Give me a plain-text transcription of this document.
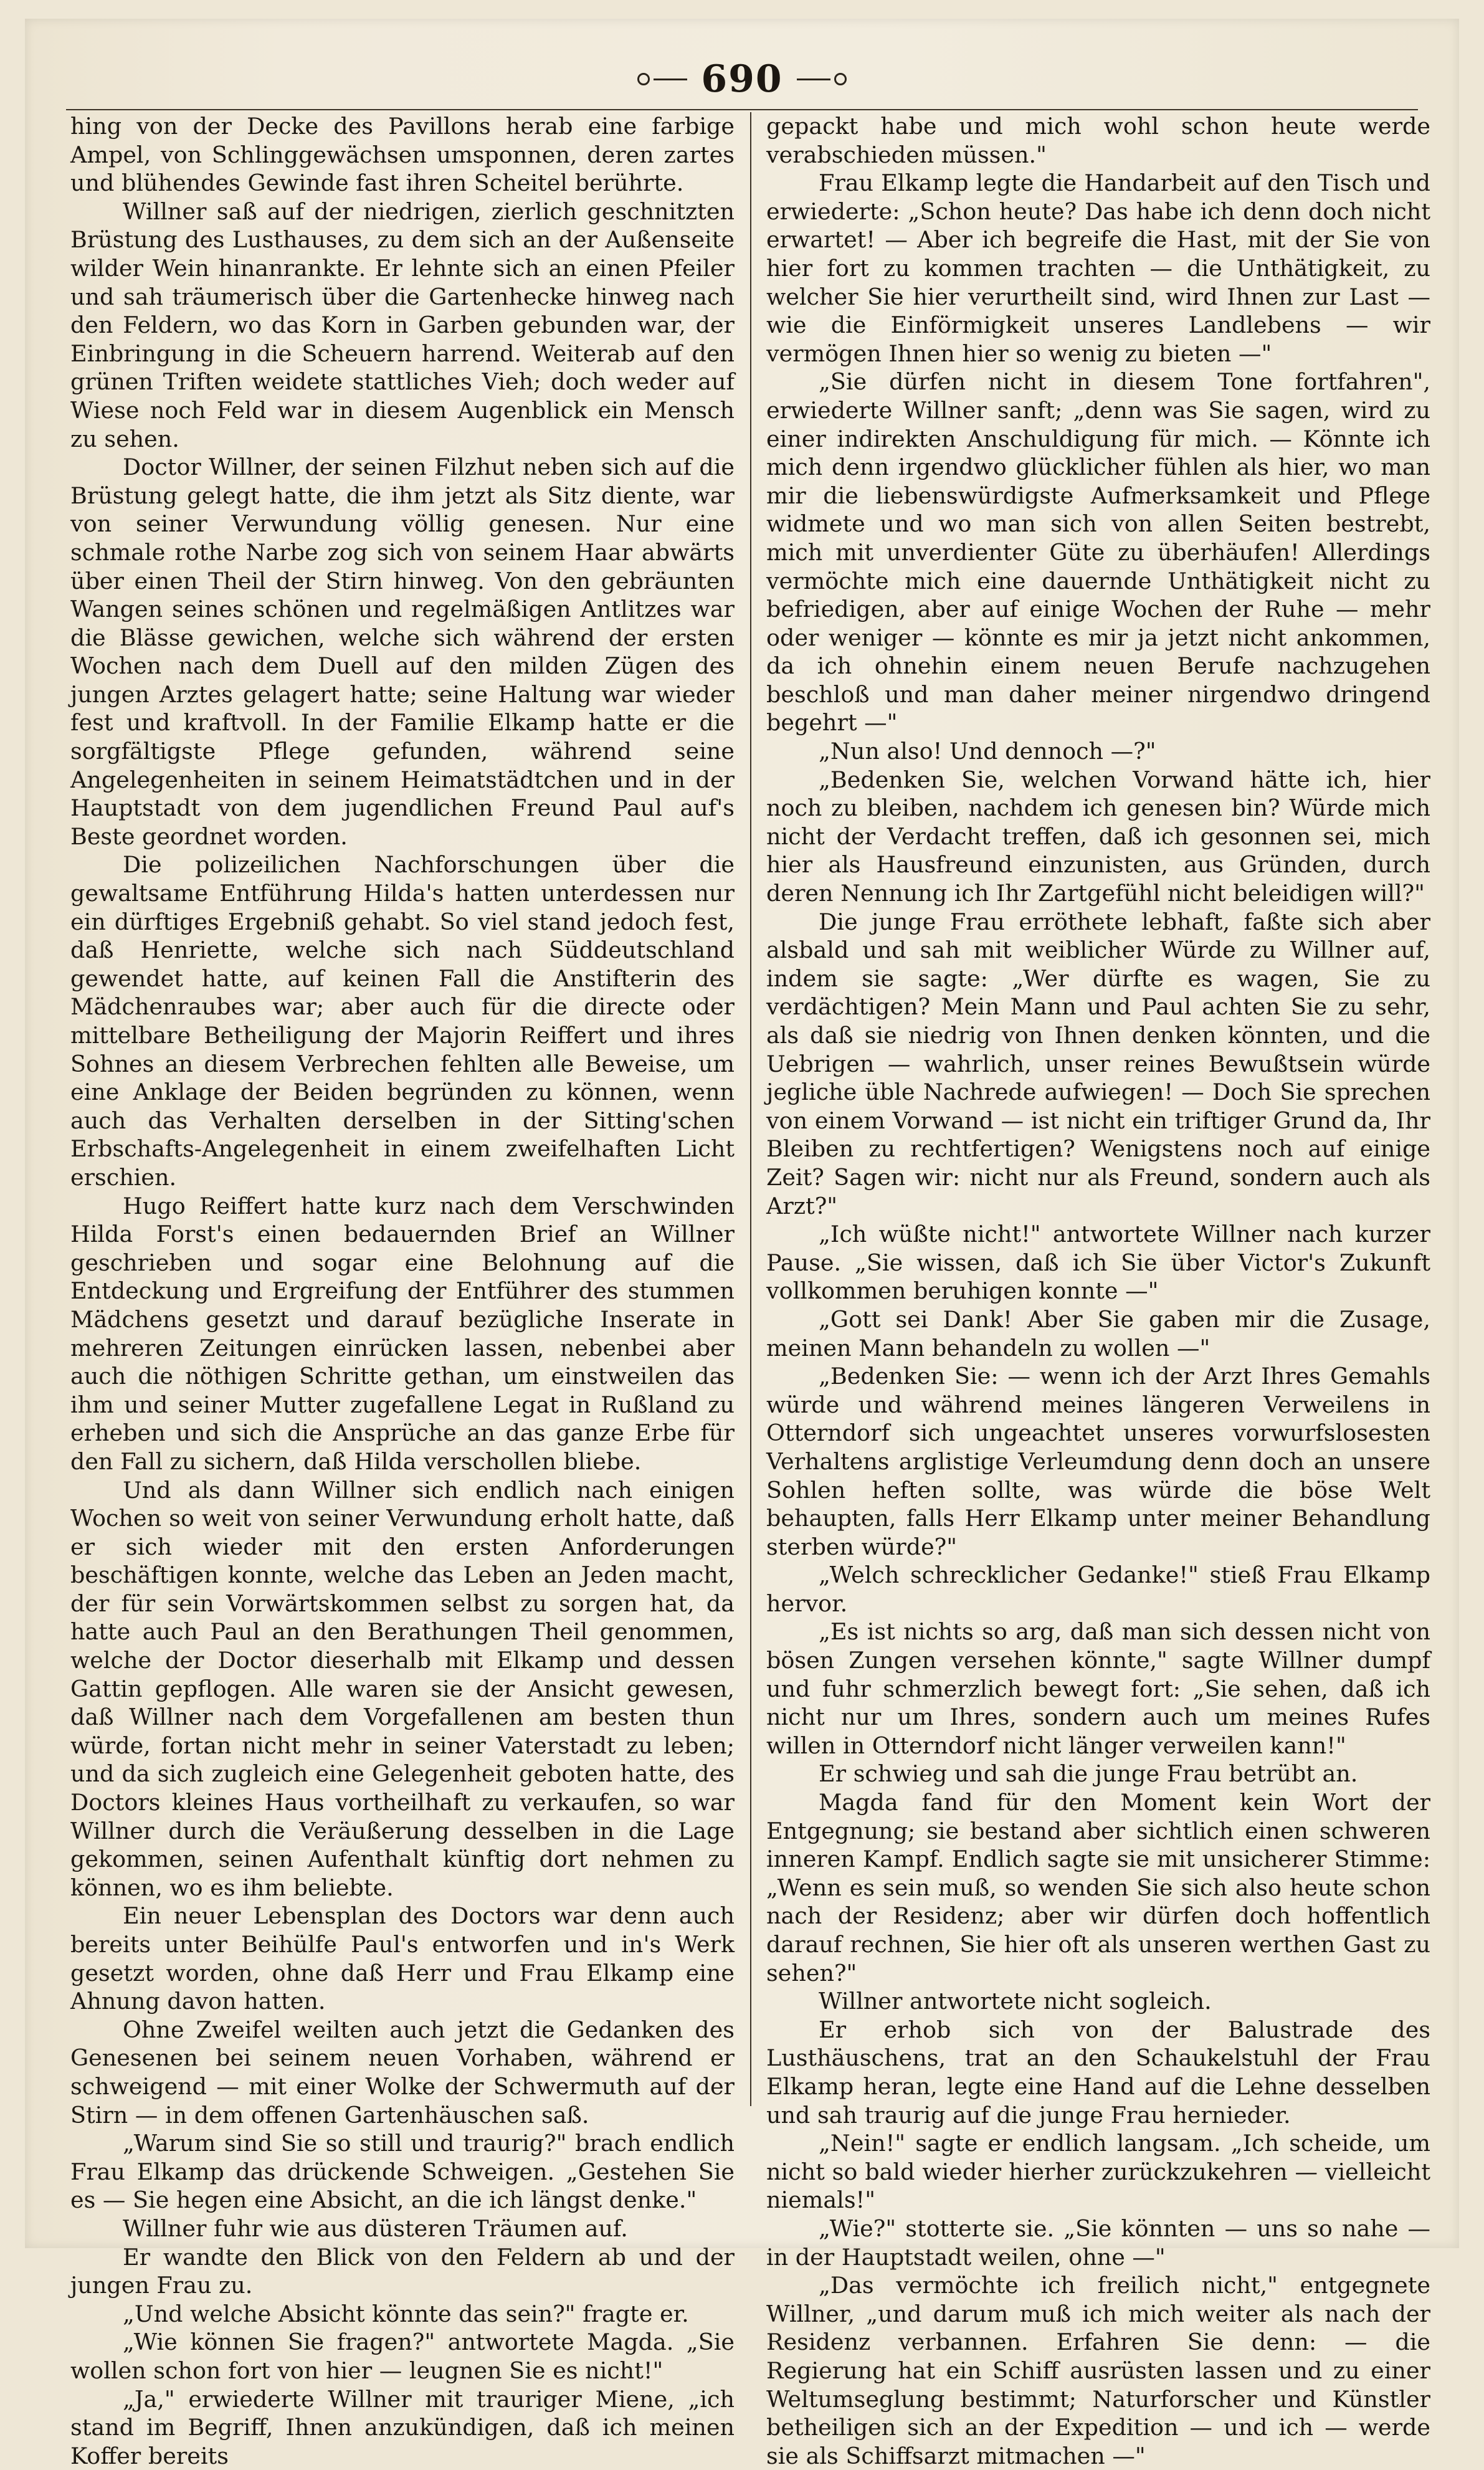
690

hing von der Decke des Pavillons herab eine farbige Ampel, von Schlinggewächsen umsponnen, deren zartes und blühendes Gewinde fast ihren Scheitel berührte.

Willner saß auf der niedrigen, zierlich geschnitzten Brüstung des Lusthauses, zu dem sich an der Außenseite wilder Wein hinanrankte. Er lehnte sich an einen Pfeiler und sah träumerisch über die Gartenhecke hinweg nach den Feldern, wo das Korn in Garben gebunden war, der Einbringung in die Scheuern harrend. Weiterab auf den grünen Triften weidete stattliches Vieh; doch weder auf Wiese noch Feld war in diesem Augenblick ein Mensch zu sehen.

Doctor Willner, der seinen Filzhut neben sich auf die Brüstung gelegt hatte, die ihm jetzt als Sitz diente, war von seiner Verwundung völlig genesen. Nur eine schmale rothe Narbe zog sich von seinem Haar abwärts über einen Theil der Stirn hinweg. Von den gebräunten Wangen seines schönen und regelmäßigen Antlitzes war die Blässe gewichen, welche sich während der ersten Wochen nach dem Duell auf den milden Zügen des jungen Arztes gelagert hatte; seine Haltung war wieder fest und kraftvoll. In der Familie Elkamp hatte er die sorgfältigste Pflege gefunden, während seine Angelegenheiten in seinem Heimatstädtchen und in der Hauptstadt von dem jugendlichen Freund Paul auf's Beste geordnet worden.

Die polizeilichen Nachforschungen über die gewaltsame Entführung Hilda's hatten unterdessen nur ein dürftiges Ergebniß gehabt. So viel stand jedoch fest, daß Henriette, welche sich nach Süddeutschland gewendet hatte, auf keinen Fall die Anstifterin des Mädchenraubes war; aber auch für die directe oder mittelbare Betheiligung der Majorin Reiffert und ihres Sohnes an diesem Verbrechen fehlten alle Beweise, um eine Anklage der Beiden begründen zu können, wenn auch das Verhalten derselben in der Sitting'schen Erbschafts-Angelegenheit in einem zweifelhaften Licht erschien.

Hugo Reiffert hatte kurz nach dem Verschwinden Hilda Forst's einen bedauernden Brief an Willner geschrieben und sogar eine Belohnung auf die Entdeckung und Ergreifung der Entführer des stummen Mädchens gesetzt und darauf bezügliche Inserate in mehreren Zeitungen einrücken lassen, nebenbei aber auch die nöthigen Schritte gethan, um einstweilen das ihm und seiner Mutter zugefallene Legat in Rußland zu erheben und sich die Ansprüche an das ganze Erbe für den Fall zu sichern, daß Hilda verschollen bliebe.

Und als dann Willner sich endlich nach einigen Wochen so weit von seiner Verwundung erholt hatte, daß er sich wieder mit den ersten Anforderungen beschäftigen konnte, welche das Leben an Jeden macht, der für sein Vorwärtskommen selbst zu sorgen hat, da hatte auch Paul an den Berathungen Theil genommen, welche der Doctor dieserhalb mit Elkamp und dessen Gattin gepflogen. Alle waren sie der Ansicht gewesen, daß Willner nach dem Vorgefallenen am besten thun würde, fortan nicht mehr in seiner Vaterstadt zu leben; und da sich zugleich eine Gelegenheit geboten hatte, des Doctors kleines Haus vortheilhaft zu verkaufen, so war Willner durch die Veräußerung desselben in die Lage gekommen, seinen Aufenthalt künftig dort nehmen zu können, wo es ihm beliebte.

Ein neuer Lebensplan des Doctors war denn auch bereits unter Beihülfe Paul's entworfen und in's Werk gesetzt worden, ohne daß Herr und Frau Elkamp eine Ahnung davon hatten.

Ohne Zweifel weilten auch jetzt die Gedanken des Genesenen bei seinem neuen Vorhaben, während er schweigend — mit einer Wolke der Schwermuth auf der Stirn — in dem offenen Gartenhäuschen saß.

„Warum sind Sie so still und traurig?" brach endlich Frau Elkamp das drückende Schweigen. „Gestehen Sie es — Sie hegen eine Absicht, an die ich längst denke."

Willner fuhr wie aus düsteren Träumen auf.

Er wandte den Blick von den Feldern ab und der jungen Frau zu.

„Und welche Absicht könnte das sein?" fragte er.

„Wie können Sie fragen?" antwortete Magda. „Sie wollen schon fort von hier — leugnen Sie es nicht!"

„Ja," erwiederte Willner mit trauriger Miene, „ich stand im Begriff, Ihnen anzukündigen, daß ich meinen Koffer bereits

gepackt habe und mich wohl schon heute werde verabschieden müssen."

Frau Elkamp legte die Handarbeit auf den Tisch und erwiederte: „Schon heute? Das habe ich denn doch nicht erwartet! — Aber ich begreife die Hast, mit der Sie von hier fort zu kommen trachten — die Unthätigkeit, zu welcher Sie hier verurtheilt sind, wird Ihnen zur Last — wie die Einförmigkeit unseres Landlebens — wir vermögen Ihnen hier so wenig zu bieten —"

„Sie dürfen nicht in diesem Tone fortfahren", erwiederte Willner sanft; „denn was Sie sagen, wird zu einer indirekten Anschuldigung für mich. — Könnte ich mich denn irgendwo glücklicher fühlen als hier, wo man mir die liebenswürdigste Aufmerksamkeit und Pflege widmete und wo man sich von allen Seiten bestrebt, mich mit unverdienter Güte zu überhäufen! Allerdings vermöchte mich eine dauernde Unthätigkeit nicht zu befriedigen, aber auf einige Wochen der Ruhe — mehr oder weniger — könnte es mir ja jetzt nicht ankommen, da ich ohnehin einem neuen Berufe nachzugehen beschloß und man daher meiner nirgendwo dringend begehrt —"

„Nun also! Und dennoch —?"

„Bedenken Sie, welchen Vorwand hätte ich, hier noch zu bleiben, nachdem ich genesen bin? Würde mich nicht der Verdacht treffen, daß ich gesonnen sei, mich hier als Hausfreund einzunisten, aus Gründen, durch deren Nennung ich Ihr Zartgefühl nicht beleidigen will?"

Die junge Frau erröthete lebhaft, faßte sich aber alsbald und sah mit weiblicher Würde zu Willner auf, indem sie sagte: „Wer dürfte es wagen, Sie zu verdächtigen? Mein Mann und Paul achten Sie zu sehr, als daß sie niedrig von Ihnen denken könnten, und die Uebrigen — wahrlich, unser reines Bewußtsein würde jegliche üble Nachrede aufwiegen! — Doch Sie sprechen von einem Vorwand — ist nicht ein triftiger Grund da, Ihr Bleiben zu rechtfertigen? Wenigstens noch auf einige Zeit? Sagen wir: nicht nur als Freund, sondern auch als Arzt?"

„Ich wüßte nicht!" antwortete Willner nach kurzer Pause. „Sie wissen, daß ich Sie über Victor's Zukunft vollkommen beruhigen konnte —"

„Gott sei Dank! Aber Sie gaben mir die Zusage, meinen Mann behandeln zu wollen —"

„Bedenken Sie: — wenn ich der Arzt Ihres Gemahls würde und während meines längeren Verweilens in Otterndorf sich ungeachtet unseres vorwurfslosesten Verhaltens arglistige Verleumdung denn doch an unsere Sohlen heften sollte, was würde die böse Welt behaupten, falls Herr Elkamp unter meiner Behandlung sterben würde?"

„Welch schrecklicher Gedanke!" stieß Frau Elkamp hervor.

„Es ist nichts so arg, daß man sich dessen nicht von bösen Zungen versehen könnte," sagte Willner dumpf und fuhr schmerzlich bewegt fort: „Sie sehen, daß ich nicht nur um Ihres, sondern auch um meines Rufes willen in Otterndorf nicht länger verweilen kann!"

Er schwieg und sah die junge Frau betrübt an.

Magda fand für den Moment kein Wort der Entgegnung; sie bestand aber sichtlich einen schweren inneren Kampf. Endlich sagte sie mit unsicherer Stimme: „Wenn es sein muß, so wenden Sie sich also heute schon nach der Residenz; aber wir dürfen doch hoffentlich darauf rechnen, Sie hier oft als unseren werthen Gast zu sehen?"

Willner antwortete nicht sogleich.

Er erhob sich von der Balustrade des Lusthäuschens, trat an den Schaukelstuhl der Frau Elkamp heran, legte eine Hand auf die Lehne desselben und sah traurig auf die junge Frau hernieder.

„Nein!" sagte er endlich langsam. „Ich scheide, um nicht so bald wieder hierher zurückzukehren — vielleicht niemals!"

„Wie?" stotterte sie. „Sie könnten — uns so nahe — in der Hauptstadt weilen, ohne —"

„Das vermöchte ich freilich nicht," entgegnete Willner, „und darum muß ich mich weiter als nach der Residenz verbannen. Erfahren Sie denn: — die Regierung hat ein Schiff ausrüsten lassen und zu einer Weltumseglung bestimmt; Naturforscher und Künstler betheiligen sich an der Expedition — und ich — werde sie als Schiffsarzt mitmachen —"
